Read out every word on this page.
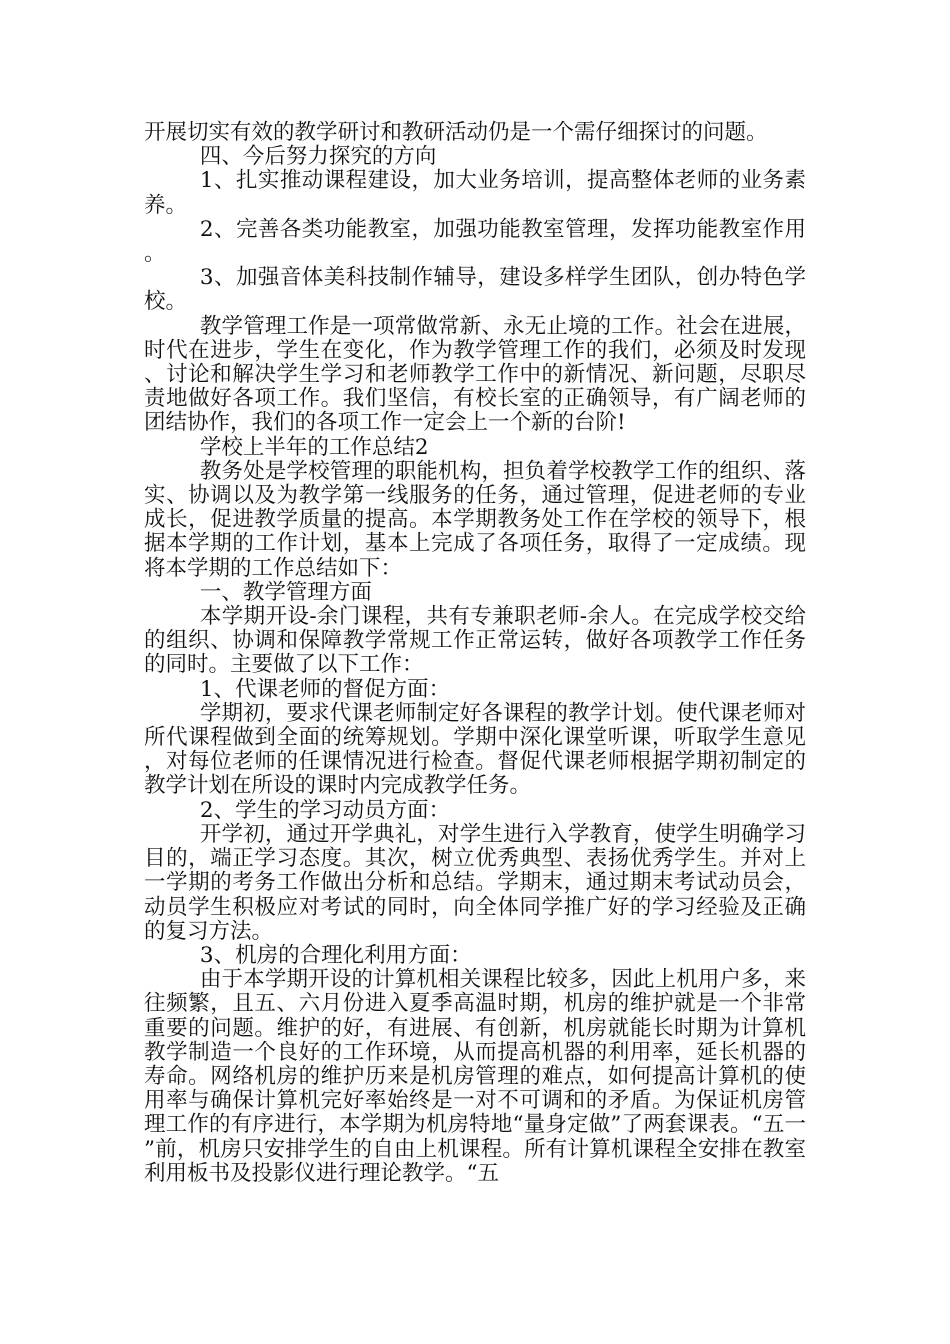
开展切实有效的教学研讨和教研活动仍是一个需仔细探讨的问题。

四、今后努力探究的方向

1、扎实推动课程建设，加大业务培训，提高整体老师的业务素养。

2、完善各类功能教室，加强功能教室管理，发挥功能教室作用。

3、加强音体美科技制作辅导，建设多样学生团队，创办特色学校。

教学管理工作是一项常做常新、永无止境的工作。社会在进展，时代在进步，学生在变化，作为教学管理工作的我们，必须及时发现、讨论和解决学生学习和老师教学工作中的新情况、新问题，尽职尽责地做好各项工作。我们坚信，有校长室的正确领导，有广阔老师的团结协作，我们的各项工作一定会上一个新的台阶!

学校上半年的工作总结2

教务处是学校管理的职能机构，担负着学校教学工作的组织、落实、协调以及为教学第一线服务的任务，通过管理，促进老师的专业成长，促进教学质量的提高。本学期教务处工作在学校的领导下，根据本学期的工作计划，基本上完成了各项任务，取得了一定成绩。现将本学期的工作总结如下：

一、教学管理方面

本学期开设-余门课程，共有专兼职老师-余人。在完成学校交给的组织、协调和保障教学常规工作正常运转，做好各项教学工作任务的同时。主要做了以下工作：

1、代课老师的督促方面：

学期初，要求代课老师制定好各课程的教学计划。使代课老师对所代课程做到全面的统筹规划。学期中深化课堂听课，听取学生意见，对每位老师的任课情况进行检查。督促代课老师根据学期初制定的教学计划在所设的课时内完成教学任务。

2、学生的学习动员方面：

开学初，通过开学典礼，对学生进行入学教育，使学生明确学习目的，端正学习态度。其次，树立优秀典型、表扬优秀学生。并对上一学期的考务工作做出分析和总结。学期末，通过期末考试动员会，动员学生积极应对考试的同时，向全体同学推广好的学习经验及正确的复习方法。

3、机房的合理化利用方面：

由于本学期开设的计算机相关课程比较多，因此上机用户多，来往频繁，且五、六月份进入夏季高温时期，机房的维护就是一个非常重要的问题。维护的好，有进展、有创新，机房就能长时期为计算机教学制造一个良好的工作环境，从而提高机器的利用率，延长机器的寿命。网络机房的维护历来是机房管理的难点，如何提高计算机的使用率与确保计算机完好率始终是一对不可调和的矛盾。为保证机房管理工作的有序进行，本学期为机房特地“量身定做”了两套课表。“五一”前，机房只安排学生的自由上机课程。所有计算机课程全安排在教室利用板书及投影仪进行理论教学。“五
